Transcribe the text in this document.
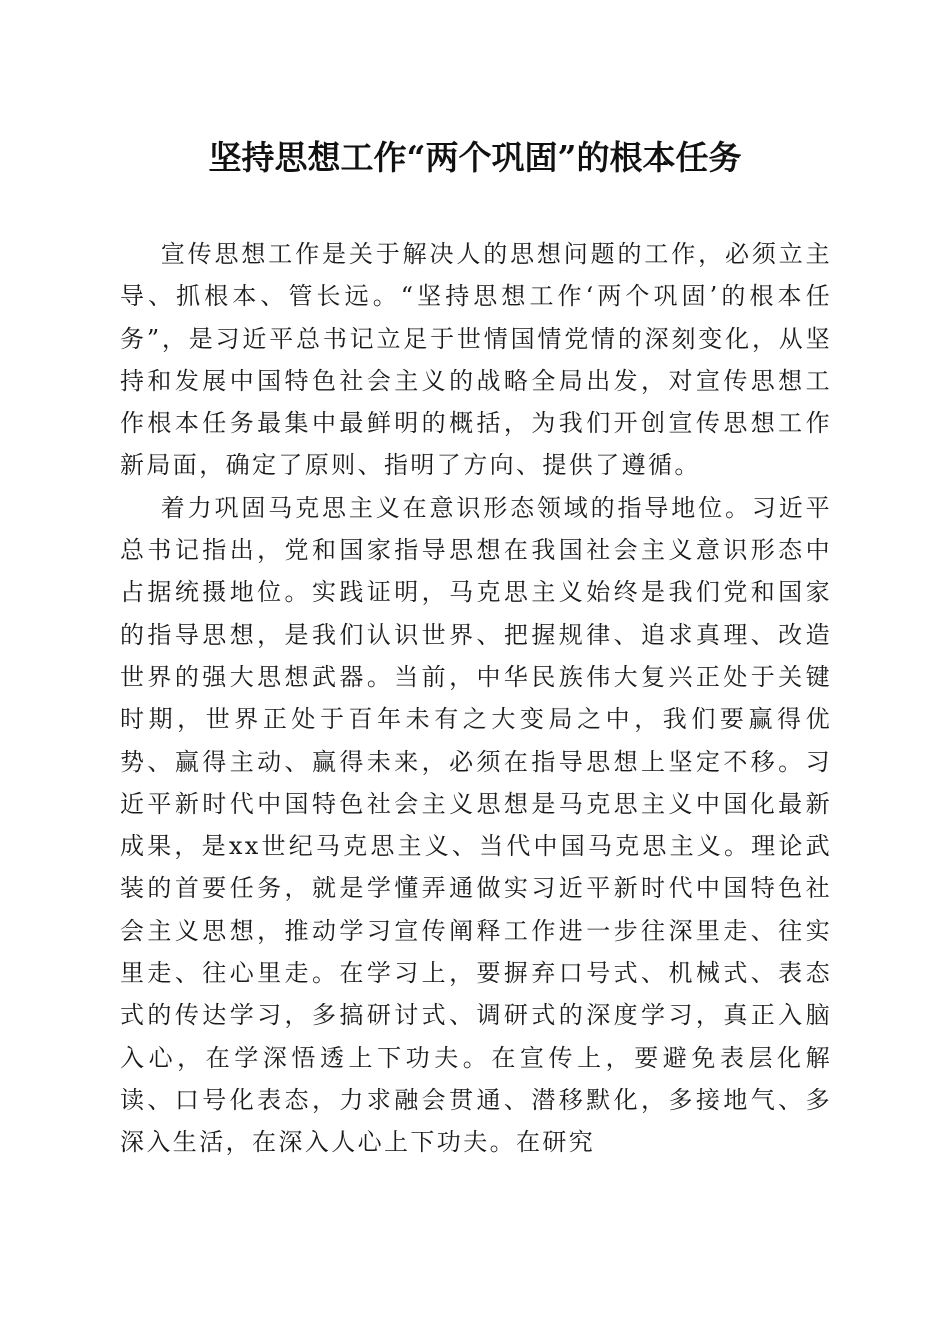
坚持思想工作“两个巩固”的根本任务

宣传思想工作是关于解决人的思想问题的工作，必须立主导、抓根本、管长远。“坚持思想工作‘两个巩固’的根本任务”，是习近平总书记立足于世情国情党情的深刻变化，从坚持和发展中国特色社会主义的战略全局出发，对宣传思想工作根本任务最集中最鲜明的概括，为我们开创宣传思想工作新局面，确定了原则、指明了方向、提供了遵循。

着力巩固马克思主义在意识形态领域的指导地位。习近平总书记指出，党和国家指导思想在我国社会主义意识形态中占据统摄地位。实践证明，马克思主义始终是我们党和国家的指导思想，是我们认识世界、把握规律、追求真理、改造世界的强大思想武器。当前，中华民族伟大复兴正处于关键时期，世界正处于百年未有之大变局之中，我们要赢得优势、赢得主动、赢得未来，必须在指导思想上坚定不移。习近平新时代中国特色社会主义思想是马克思主义中国化最新成果，是xx世纪马克思主义、当代中国马克思主义。理论武装的首要任务，就是学懂弄通做实习近平新时代中国特色社会主义思想，推动学习宣传阐释工作进一步往深里走、往实里走、往心里走。在学习上，要摒弃口号式、机械式、表态式的传达学习，多搞研讨式、调研式的深度学习，真正入脑入心，在学深悟透上下功夫。在宣传上，要避免表层化解读、口号化表态，力求融会贯通、潜移默化，多接地气、多深入生活，在深入人心上下功夫。在研究
